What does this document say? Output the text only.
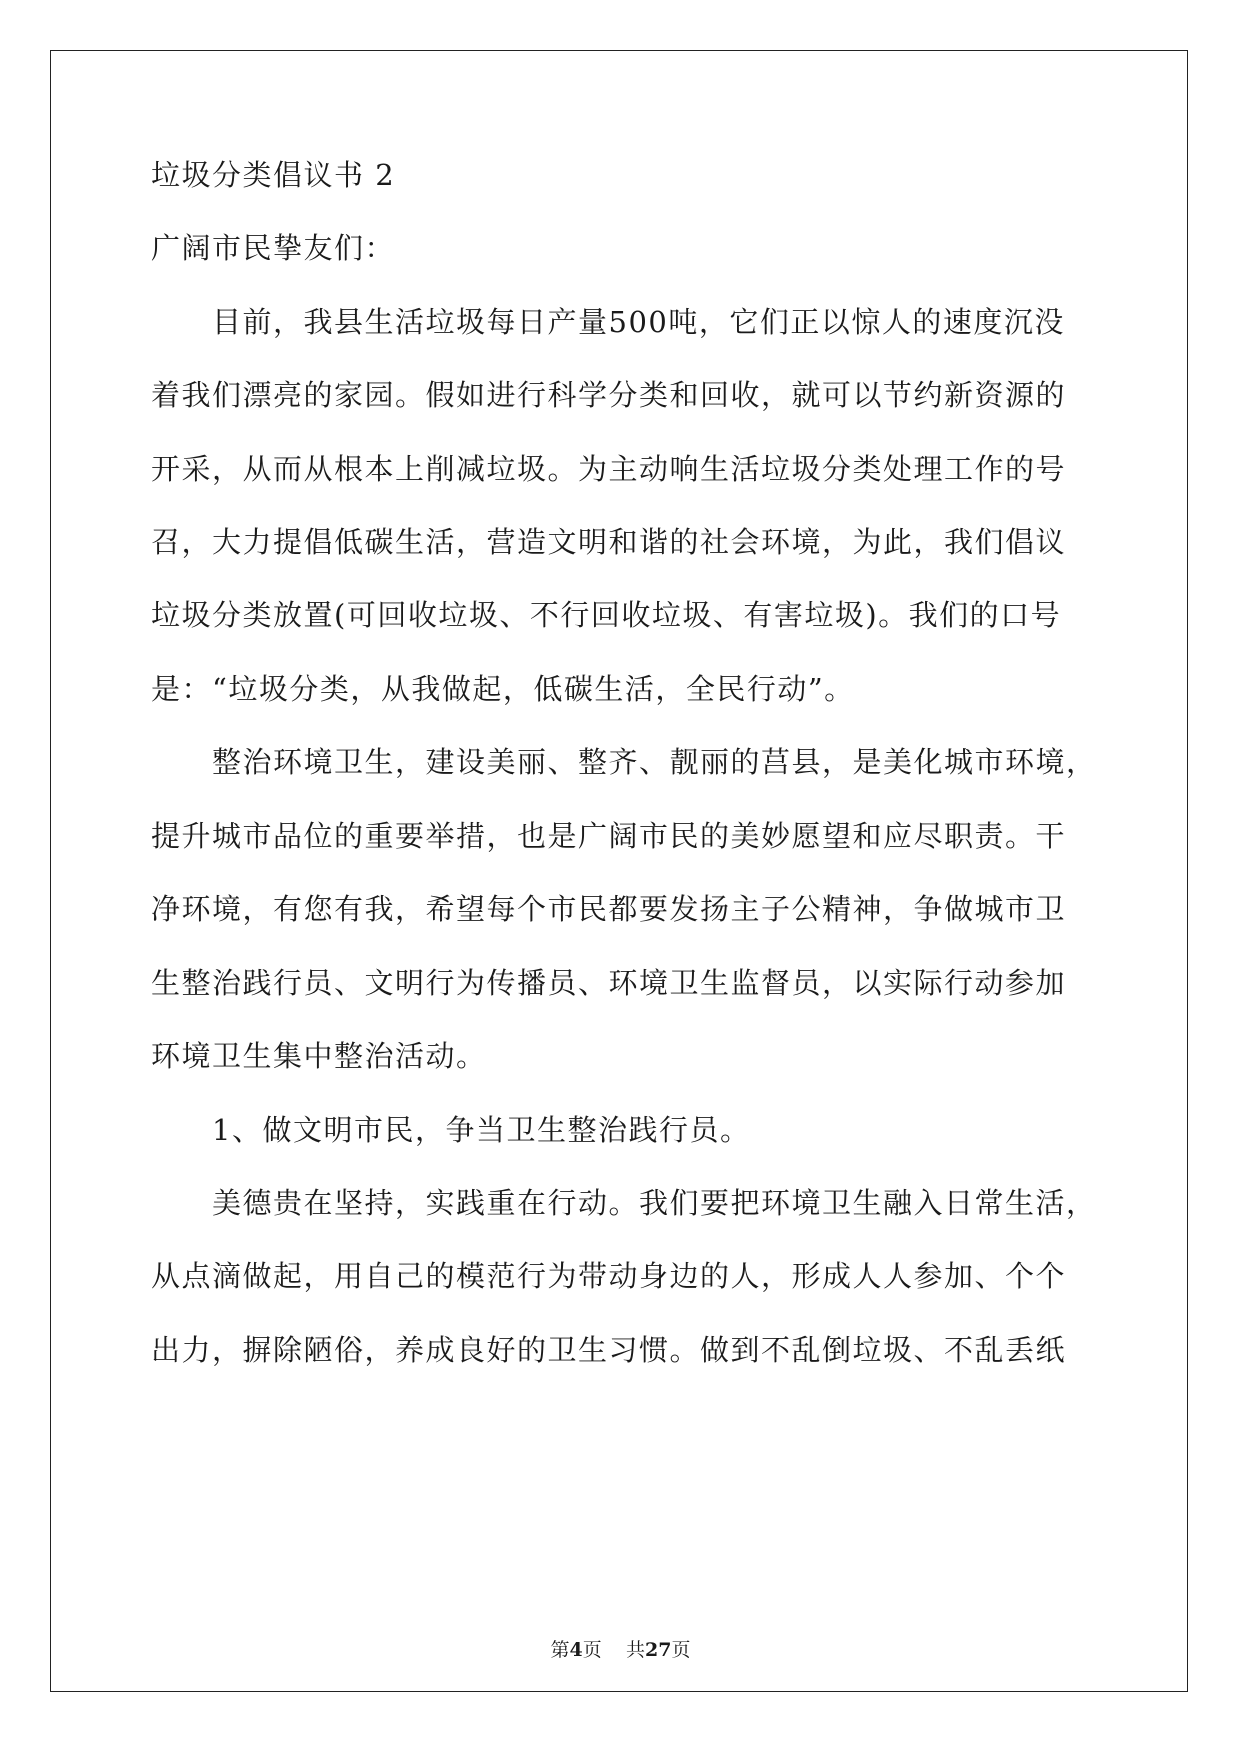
垃圾分类倡议书 2
广阔市民挚友们：
　　目前，我县生活垃圾每日产量500吨，它们正以惊人的速度沉没
着我们漂亮的家园。假如进行科学分类和回收，就可以节约新资源的
开采，从而从根本上削减垃圾。为主动响生活垃圾分类处理工作的号
召，大力提倡低碳生活，营造文明和谐的社会环境，为此，我们倡议
垃圾分类放置(可回收垃圾、不行回收垃圾、有害垃圾)。我们的口号
是：“垃圾分类，从我做起，低碳生活，全民行动”。
　　整治环境卫生，建设美丽、整齐、靓丽的莒县，是美化城市环境，
提升城市品位的重要举措，也是广阔市民的美妙愿望和应尽职责。干
净环境，有您有我，希望每个市民都要发扬主子公精神，争做城市卫
生整治践行员、文明行为传播员、环境卫生监督员，以实际行动参加
环境卫生集中整治活动。
　　1、做文明市民，争当卫生整治践行员。
　　美德贵在坚持，实践重在行动。我们要把环境卫生融入日常生活，
从点滴做起，用自己的模范行为带动身边的人，形成人人参加、个个
出力，摒除陋俗，养成良好的卫生习惯。做到不乱倒垃圾、不乱丢纸
第4页 共27页
